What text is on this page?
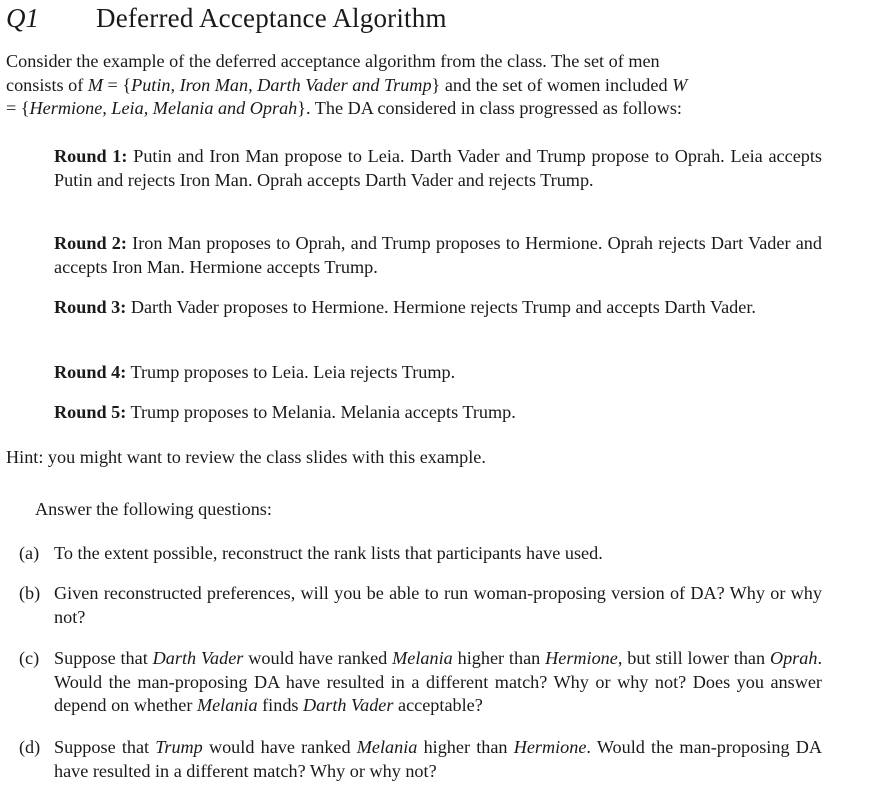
Q1 Deferred Acceptance Algorithm
Consider the example of the deferred acceptance algorithm from the class. The set of men
consists of M = {Putin, Iron Man, Darth Vader and Trump} and the set of women included W
= {Hermione, Leia, Melania and Oprah}. The DA considered in class progressed as follows:
Round 1: Putin and Iron Man propose to Leia. Darth Vader and Trump propose to Oprah. Leia accepts Putin and rejects Iron Man. Oprah accepts Darth Vader and rejects Trump.
Round 2: Iron Man proposes to Oprah, and Trump proposes to Hermione. Oprah rejects Dart Vader and accepts Iron Man. Hermione accepts Trump.
Round 3: Darth Vader proposes to Hermione. Hermione rejects Trump and accepts Darth Vader.
Round 4: Trump proposes to Leia. Leia rejects Trump.
Round 5: Trump proposes to Melania. Melania accepts Trump.
Hint: you might want to review the class slides with this example.
Answer the following questions:
(a) To the extent possible, reconstruct the rank lists that participants have used.
(b) Given reconstructed preferences, will you be able to run woman-proposing version of DA? Why or why not?
(c) Suppose that Darth Vader would have ranked Melania higher than Hermione, but still lower than Oprah. Would the man-proposing DA have resulted in a different match? Why or why not? Does you answer depend on whether Melania finds Darth Vader acceptable?
(d) Suppose that Trump would have ranked Melania higher than Hermione. Would the man-proposing DA have resulted in a different match? Why or why not?
